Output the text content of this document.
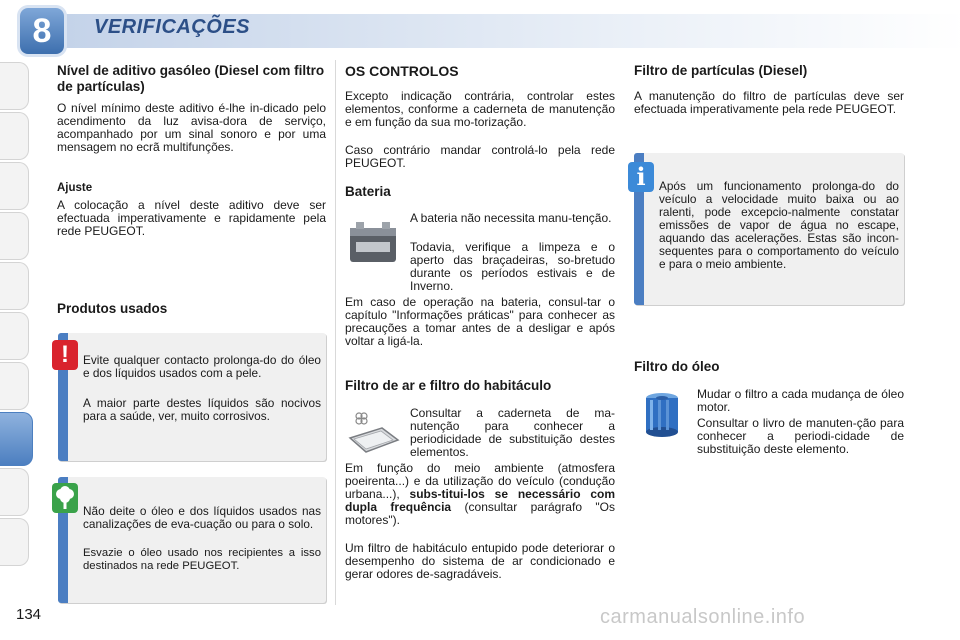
8	VERIFICAÇÕES
Nível de aditivo gasóleo (Diesel com filtro de partículas)
O nível mínimo deste aditivo é-lhe in-dicado pelo acendimento da luz avisa-dora de serviço, acompanhado por um sinal sonoro e por uma mensagem no ecrã multifunções.
Ajuste
A colocação a nível deste aditivo deve ser efectuada imperativamente e rapidamente pela rede PEUGEOT.
Produtos usados
Evite qualquer contacto prolonga-do do óleo e dos líquidos usados com a pele.
A maior parte destes líquidos são nocivos para a saúde, ver, muito corrosivos.
!
Não deite o óleo e dos líquidos usados nas canalizações de eva-cuação ou para o solo.
Esvazie o óleo usado nos recipientes a isso destinados na rede PEUGEOT.
OS CONTROLOS
Excepto indicação contrária, controlar estes elementos, conforme a caderneta de manutenção e em função da sua mo-torização.
Caso contrário mandar controlá-lo pela rede PEUGEOT.
Bateria
A bateria não necessita manu-tenção.
Todavia, verifique a limpeza e o aperto das braçadeiras, so-bretudo durante os períodos estivais e de Inverno.
Em caso de operação na bateria, consul-tar o capítulo "Informações práticas" para conhecer as precauções a tomar antes de a desligar e após voltar a ligá-la.
Filtro de ar e filtro do habitáculo
Consultar a caderneta de ma-nutenção para conhecer a periodicidade de substituição destes elementos.
Em função do meio ambiente (atmosfera poeirenta...) e da utilização do veículo (condução urbana...), subs-titui-los se necessário com dupla frequência (consultar parágrafo "Os motores").
Um filtro de habitáculo entupido pode deteriorar o desempenho do sistema de ar condicionado e gerar odores de-sagradáveis.
Filtro de partículas (Diesel)
A manutenção do filtro de partículas deve ser efectuada imperativamente pela rede PEUGEOT.
Após um funcionamento prolonga-do do veículo a velocidade muito baixa ou ao ralenti, pode excepcio-nalmente constatar emissões de vapor de água no escape, aquando das acelerações. Estas são incon-sequentes para o comportamento do veículo e para o meio ambiente.
i
Filtro do óleo
Mudar o filtro a cada mudança de óleo motor.
Consultar o livro de manuten-ção para conhecer a periodi-cidade de substituição deste elemento.
134	carmanualsonline.info
